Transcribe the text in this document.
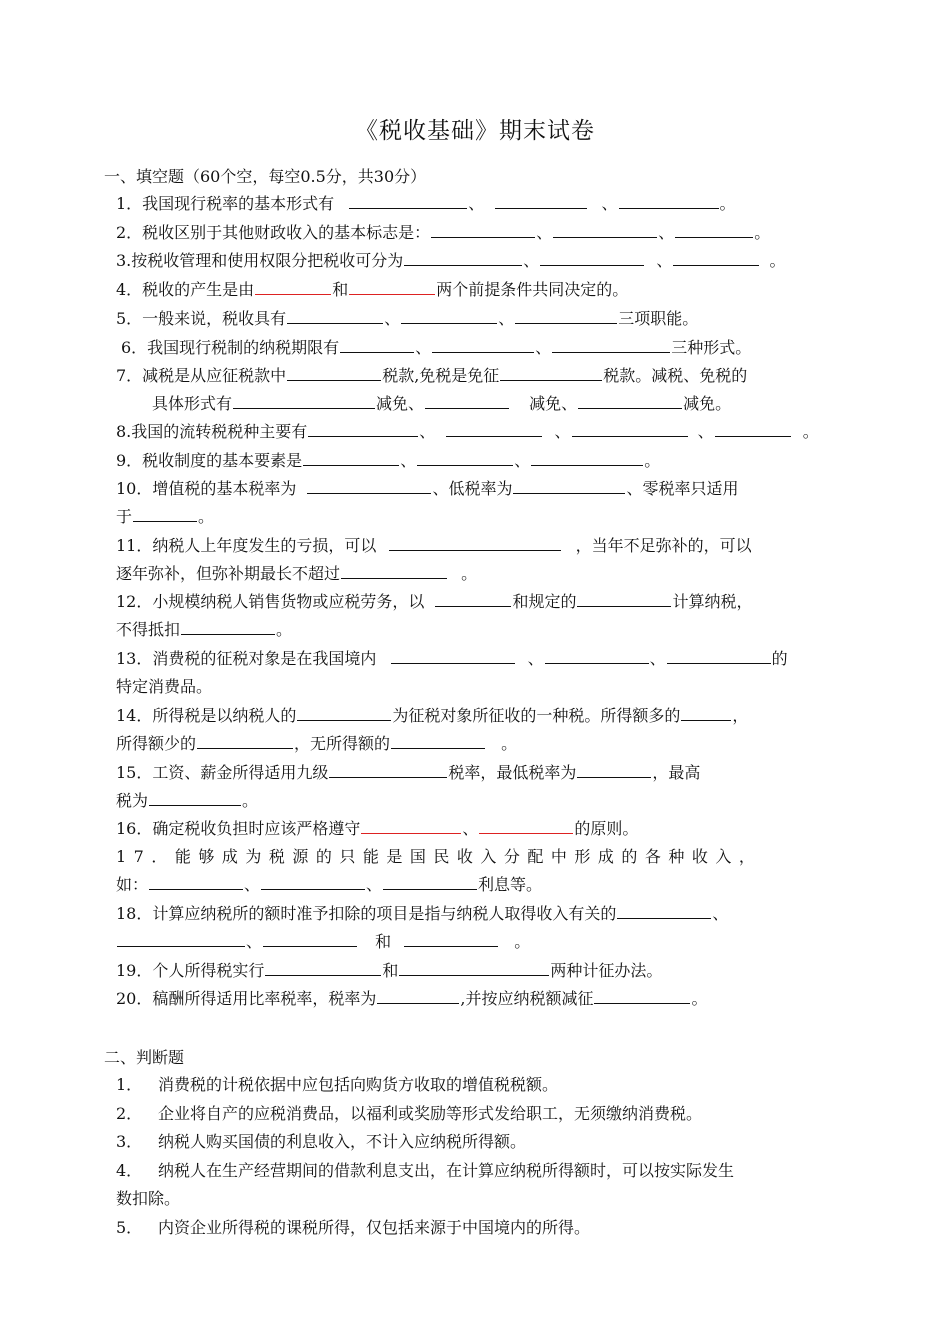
《税收基础》期末试卷
一、填空题（60个空，每空0.5分，共30分）
1．我国现行税率的基本形式有	、	、	。
2．税收区别于其他财政收入的基本标志是：	、	、	。
3.按税收管理和使用权限分把税收可分为	、	、	。
4．税收的产生是由	和	两个前提条件共同决定的。
5．一般来说，税收具有	、	、	三项职能。
6．我国现行税制的纳税期限有	、	、	三种形式。
7．减税是从应征税款中	税款,免税是免征	税款。减税、免税的
具体形式有	减免、	减免、	减免。
8.我国的流转税税种主要有	、	、	、	。
9．税收制度的基本要素是	、	、	。
10．增值税的基本税率为	、低税率为	、零税率只适用
于	。
11．纳税人上年度发生的亏损，可以	，当年不足弥补的，可以
逐年弥补，但弥补期最长不超过	。
12．小规模纳税人销售货物或应税劳务，以	和规定的	计算纳税，
不得抵扣	。
13．消费税的征税对象是在我国境内	、	、	的
特定消费品。
14．所得税是以纳税人的	为征税对象所征收的一种税。所得额多的	，
所得额少的	，无所得额的	。
15．工资、薪金所得适用九级	税率，最低税率为	，最高
税为	。
16．确定税收负担时应该严格遵守	、	的原则。
17．能够成为税源的只能是国民收入分配中形成的各种收入，
如：	、	、	利息等。
18．计算应纳税所的额时准予扣除的项目是指与纳税人取得收入有关的	、
、	和	。
19．个人所得税实行	和	两种计征办法。
20．稿酬所得适用比率税率，税率为	,并按应纳税额减征	。
二、判断题
1． 消费税的计税依据中应包括向购货方收取的增值税税额。
2． 企业将自产的应税消费品，以福利或奖励等形式发给职工，无须缴纳消费税。
3． 纳税人购买国债的利息收入，不计入应纳税所得额。
4． 纳税人在生产经营期间的借款利息支出，在计算应纳税所得额时，可以按实际发生
数扣除。
5． 内资企业所得税的课税所得，仅包括来源于中国境内的所得。
